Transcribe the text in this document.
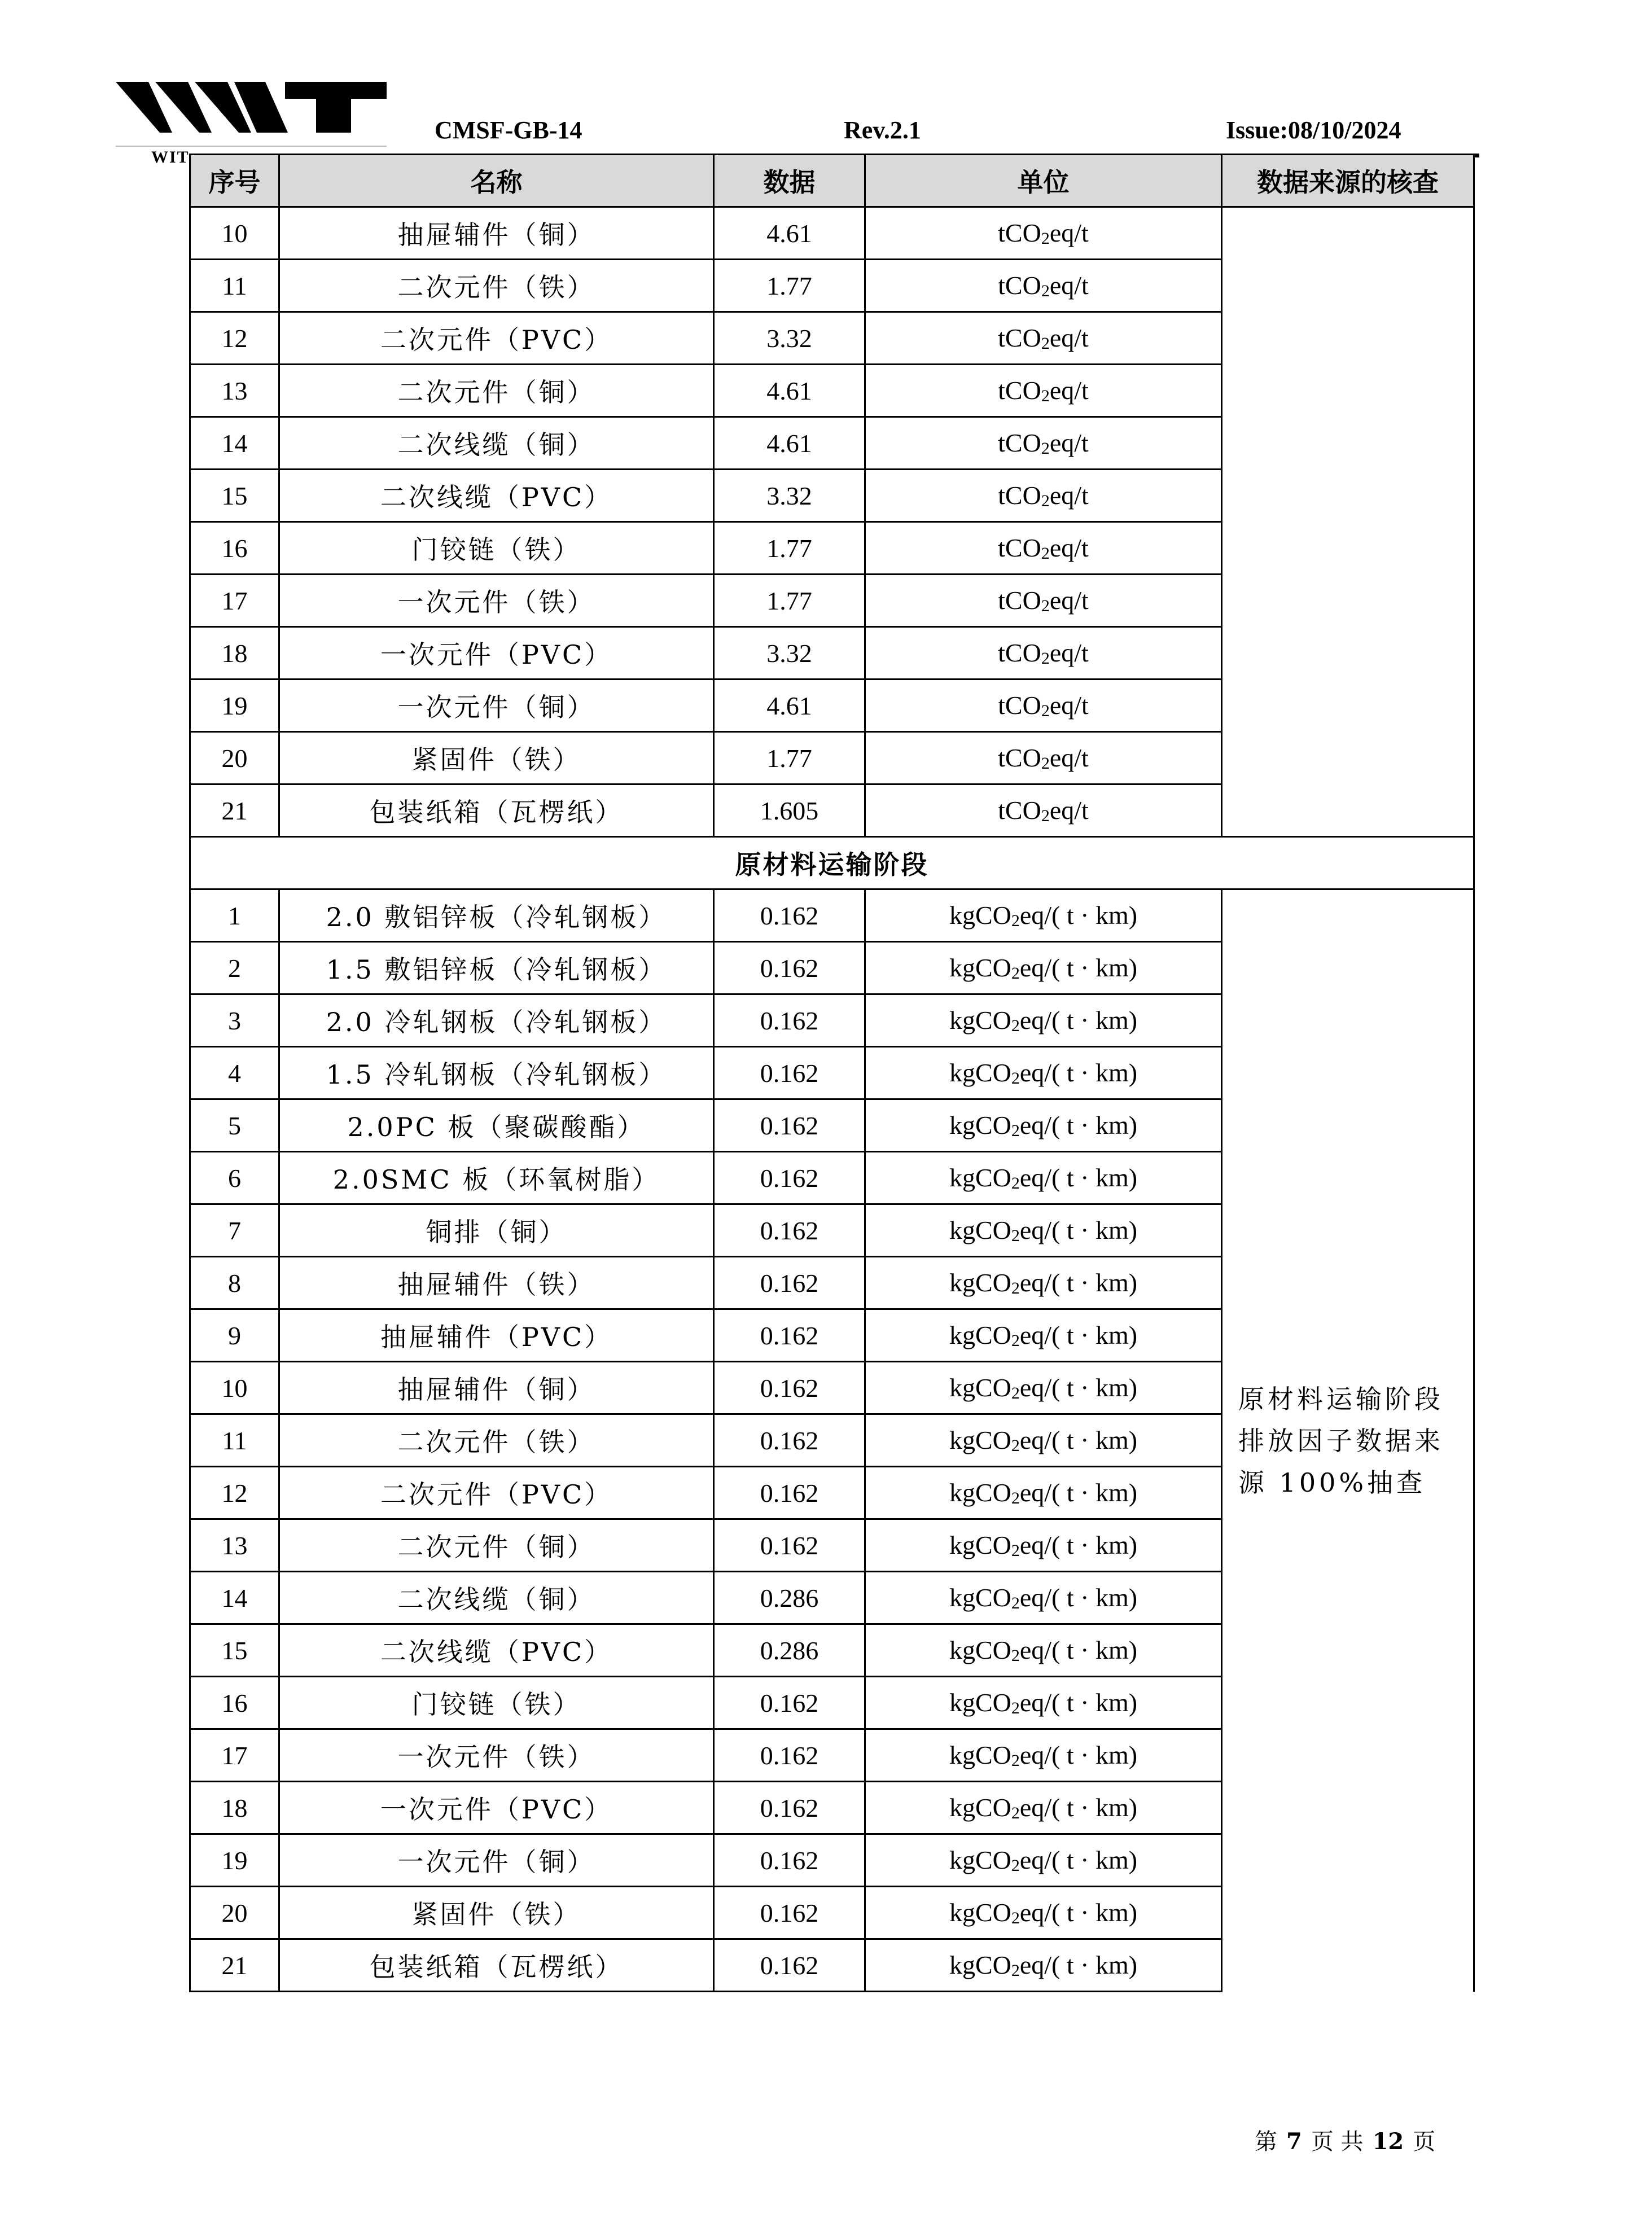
WIT
CMSF-GB-14	Rev.2.1	Issue:08/10/2024
序号	名称	数据	单位	数据来源的核查
10	抽屉辅件（铜）	4.61	tCO$_2$eq/t	
11	二次元件（铁）	1.77	tCO$_2$eq/t	
12	二次元件（PVC）	3.32	tCO$_2$eq/t	
13	二次元件（铜）	4.61	tCO$_2$eq/t	
14	二次线缆（铜）	4.61	tCO$_2$eq/t	
15	二次线缆（PVC）	3.32	tCO$_2$eq/t	
16	门铰链（铁）	1.77	tCO$_2$eq/t	
17	一次元件（铁）	1.77	tCO$_2$eq/t	
18	一次元件（PVC）	3.32	tCO$_2$eq/t	
19	一次元件（铜）	4.61	tCO$_2$eq/t	
20	紧固件（铁）	1.77	tCO$_2$eq/t	
21	包装纸箱（瓦楞纸）	1.605	tCO$_2$eq/t	
原材料运输阶段				
1	2.0 敷铝锌板（冷轧钢板）	0.162	kgCO$_2$eq/( t · km)	原材料运输阶段排放因子数据来源 100%抽查
2	1.5 敷铝锌板（冷轧钢板）	0.162	kgCO$_2$eq/( t · km)	
3	2.0 冷轧钢板（冷轧钢板）	0.162	kgCO$_2$eq/( t · km)	
4	1.5 冷轧钢板（冷轧钢板）	0.162	kgCO$_2$eq/( t · km)	
5	2.0PC 板（聚碳酸酯）	0.162	kgCO$_2$eq/( t · km)	
6	2.0SMC 板（环氧树脂）	0.162	kgCO$_2$eq/( t · km)	
7	铜排（铜）	0.162	kgCO$_2$eq/( t · km)	
8	抽屉辅件（铁）	0.162	kgCO$_2$eq/( t · km)	
9	抽屉辅件（PVC）	0.162	kgCO$_2$eq/( t · km)	
10	抽屉辅件（铜）	0.162	kgCO$_2$eq/( t · km)	
11	二次元件（铁）	0.162	kgCO$_2$eq/( t · km)	
12	二次元件（PVC）	0.162	kgCO$_2$eq/( t · km)	
13	二次元件（铜）	0.162	kgCO$_2$eq/( t · km)	
14	二次线缆（铜）	0.286	kgCO$_2$eq/( t · km)	
15	二次线缆（PVC）	0.286	kgCO$_2$eq/( t · km)	
16	门铰链（铁）	0.162	kgCO$_2$eq/( t · km)	
17	一次元件（铁）	0.162	kgCO$_2$eq/( t · km)	
18	一次元件（PVC）	0.162	kgCO$_2$eq/( t · km)	
19	一次元件（铜）	0.162	kgCO$_2$eq/( t · km)	
20	紧固件（铁）	0.162	kgCO$_2$eq/( t · km)	
21	包装纸箱（瓦楞纸）	0.162	kgCO$_2$eq/( t · km)	
第 7 页 共 12 页
